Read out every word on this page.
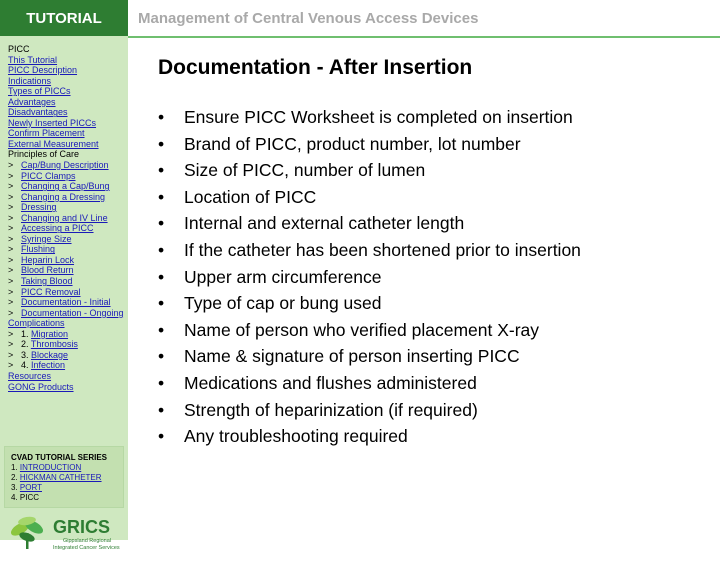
TUTORIAL Management of Central Venous Access Devices
PICC
This Tutorial
PICC Description
Indications
Types of PICCs
Advantages
Disadvantages
Newly Inserted PICCs
Confirm Placement
External Measurement
Principles of Care
> Cap/Bung Description
> PICC Clamps
> Changing a Cap/Bung
> Changing a Dressing
> Dressing
> Changing and IV Line
> Accessing a PICC
> Syringe Size
> Flushing
> Heparin Lock
> Blood Return
> Taking Blood
> PICC Removal
> Documentation - Initial
> Documentation - Ongoing
Complications
> 1. Migration
> 2. Thrombosis
> 3. Blockage
> 4. Infection
Resources
GONG Products
CVAD TUTORIAL SERIES
1. INTRODUCTION
2. HICKMAN CATHETER
3. PORT
4. PICC
GRICS
Gippsland Regional
Integrated Cancer Services
Documentation - After Insertion
•	Ensure PICC Worksheet is completed on insertion
•	Brand of PICC, product number, lot number
•	Size of PICC, number of lumen
•	Location of PICC
•	Internal and external catheter length
•	If the catheter has been shortened prior to insertion
•	Upper arm circumference
•	Type of cap or bung used
•	Name of person who verified placement X-ray
•	Name & signature of person inserting PICC
•	Medications and flushes administered
•	Strength of heparinization (if required)
•	Any troubleshooting required
